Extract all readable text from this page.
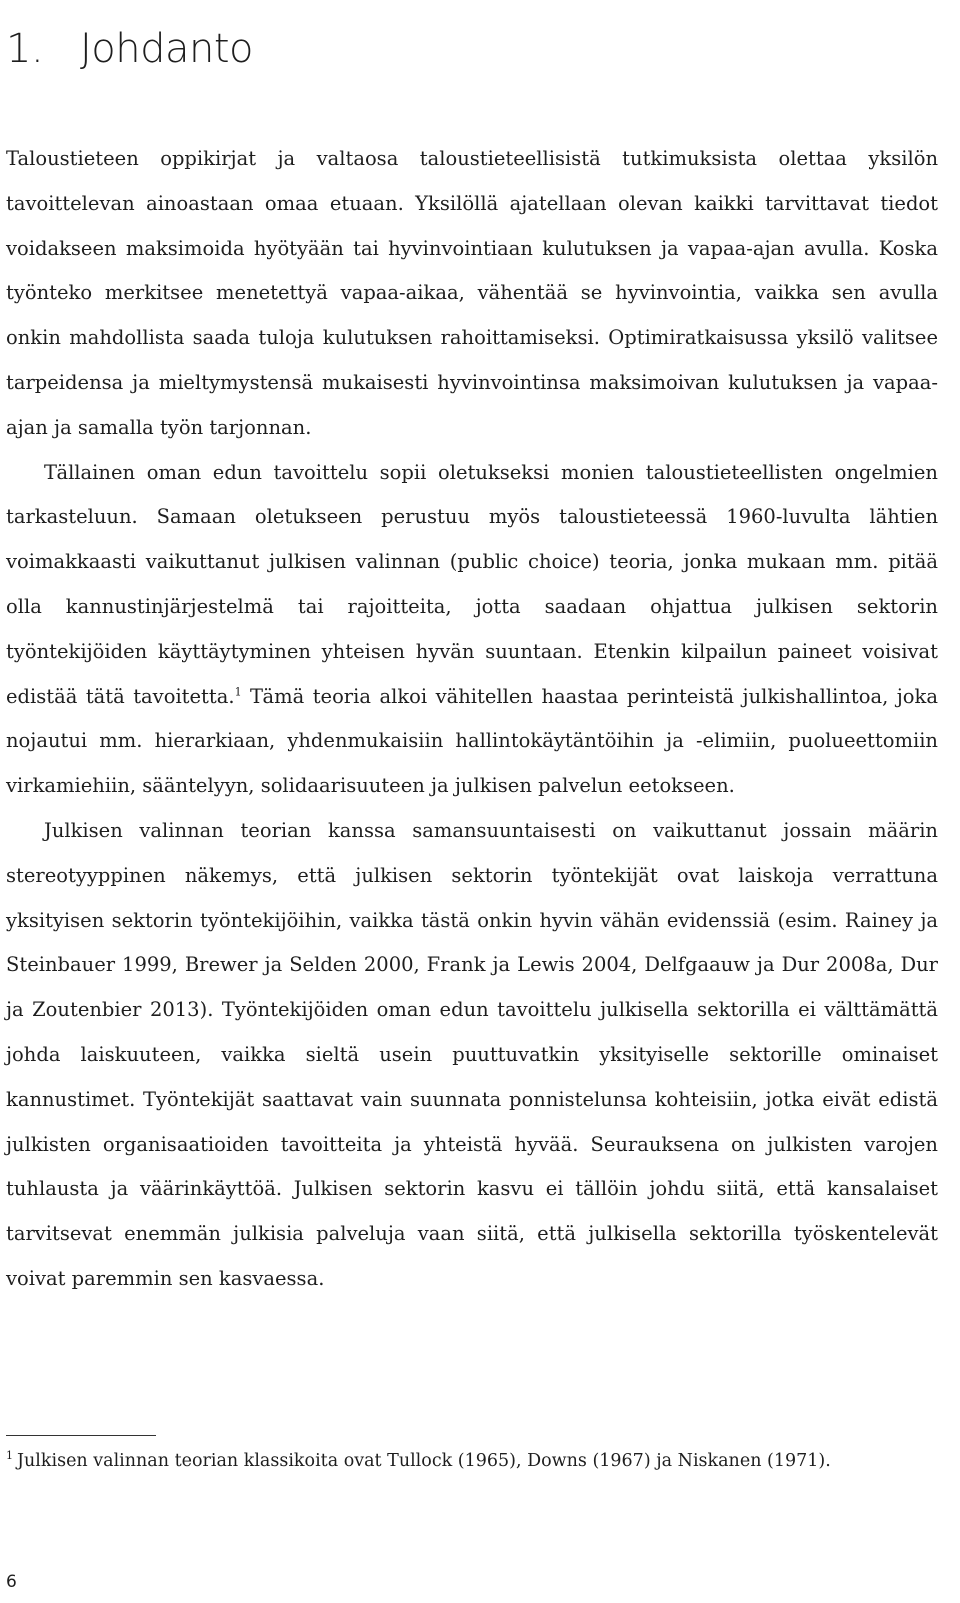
1. Johdanto

Taloustieteen oppikirjat ja valtaosa taloustieteellisistä tutkimuksista olettaa yksilön tavoittelevan ainoastaan omaa etuaan. Yksilöllä ajatellaan olevan kaikki tarvittavat tiedot voidakseen maksimoida hyötyään tai hyvinvointiaan kulutuksen ja vapaa-ajan avulla. Koska työnteko merkitsee menetettyä vapaa-aikaa, vähentää se hyvinvointia, vaikka sen avulla onkin mahdollista saada tuloja kulutuksen rahoittamiseksi. Optimiratkaisussa yksilö valitsee tarpeidensa ja mieltymystensä mukaisesti hyvinvointinsa maksimoivan kulutuksen ja vapaa-ajan ja samalla työn tarjonnan.

Tällainen oman edun tavoittelu sopii oletukseksi monien taloustieteellisten ongelmien tarkasteluun. Samaan oletukseen perustuu myös taloustieteessä 1960-luvulta lähtien voimakkaasti vaikuttanut julkisen valinnan (public choice) teoria, jonka mukaan mm. pitää olla kannustinjärjestelmä tai rajoitteita, jotta saadaan ohjattua julkisen sektorin työntekijöiden käyttäytyminen yhteisen hyvän suuntaan. Etenkin kilpailun paineet voisivat edistää tätä tavoitetta.$^1$ Tämä teoria alkoi vähitellen haastaa perinteistä julkishallintoa, joka nojautui mm. hierarkiaan, yhdenmukaisiin hallintokäytäntöihin ja -elimiin, puolueettomiin virkamiehiin, sääntelyyn, solidaarisuuteen ja julkisen palvelun eetokseen.

Julkisen valinnan teorian kanssa samansuuntaisesti on vaikuttanut jossain määrin stereotyyppinen näkemys, että julkisen sektorin työntekijät ovat laiskoja verrattuna yksityisen sektorin työntekijöihin, vaikka tästä onkin hyvin vähän evidenssiä (esim. Rainey ja Steinbauer 1999, Brewer ja Selden 2000, Frank ja Lewis 2004, Delfgaauw ja Dur 2008a, Dur ja Zoutenbier 2013). Työntekijöiden oman edun tavoittelu julkisella sektorilla ei välttämättä johda laiskuuteen, vaikka sieltä usein puuttuvatkin yksityiselle sektorille ominaiset kannustimet. Työntekijät saattavat vain suunnata ponnistelunsa kohteisiin, jotka eivät edistä julkisten organisaatioiden tavoitteita ja yhteistä hyvää. Seurauksena on julkisten varojen tuhlausta ja väärinkäyttöä. Julkisen sektorin kasvu ei tällöin johdu siitä, että kansalaiset tarvitsevat enemmän julkisia palveluja vaan siitä, että julkisella sektorilla työskentelevät voivat paremmin sen kasvaessa.

$^1$ Julkisen valinnan teorian klassikoita ovat Tullock (1965), Downs (1967) ja Niskanen (1971).
6
